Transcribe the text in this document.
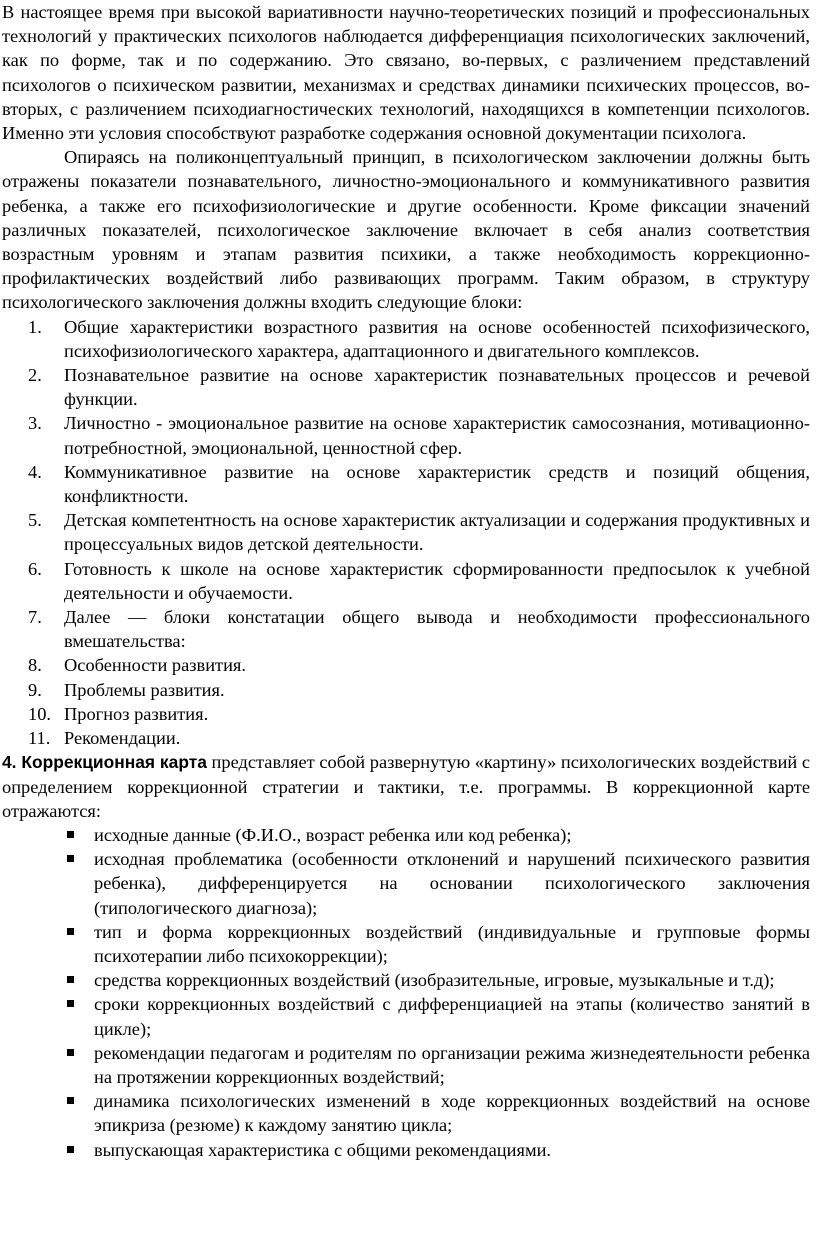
В настоящее время при высокой вариативности научно-теоретических позиций и профессиональных технологий у практических психологов наблюдается дифференциация психологических заключений, как по форме, так и по содержанию. Это связано, во-первых, с различением представлений психологов о психическом развитии, механизмах и средствах динамики психических процессов, во-вторых, с различением психодиагностических технологий, находящихся в компетенции психологов. Именно эти условия способствуют разработке содержания основной документации психолога.

Опираясь на поликонцептуальный принцип, в психологическом заключении должны быть отражены показатели познавательного, личностно-эмоционального и коммуникативного развития ребенка, а также его психофизиологические и другие особенности. Кроме фиксации значений различных показателей, психологическое заключение включает в себя анализ соответствия возрастным уровням и этапам развития психики, а также необходимость коррекционно-профилактических воздействий либо развивающих программ. Таким образом, в структуру психологического заключения должны входить следующие блоки:

1.	Общие характеристики возрастного развития на основе особенностей психофизического, психофизиологического характера, адаптационного и двигательного комплексов.
2.	Познавательное развитие на основе характеристик познавательных процессов и речевой функции.
3.	Личностно - эмоциональное развитие на основе характеристик самосознания, мотивационно-потребностной, эмоциональной, ценностной сфер.
4.	Коммуникативное развитие на основе характеристик средств и позиций общения, конфликтности.
5.	Детская компетентность на основе характеристик актуализации и содержания продуктивных и процессуальных видов детской деятельности.
6.	Готовность к школе на основе характеристик сформированности предпосылок к учебной деятельности и обучаемости.
7.	Далее — блоки констатации общего вывода и необходимости профессионального вмешательства:
8.	Особенности развития.
9.	Проблемы развития.
10. Прогноз развития.
11. Рекомендации.

4. Коррекционная карта представляет собой развернутую «картину» психологических воздействий с определением коррекционной стратегии и тактики, т.е. программы. В коррекционной карте отражаются:

исходные данные (Ф.И.О., возраст ребенка или код ребенка);
исходная проблематика (особенности отклонений и нарушений психического развития ребенка), дифференцируется на основании психологического заключения (типологического диагноза);
тип и форма коррекционных воздействий (индивидуальные и групповые формы психотерапии либо психокоррекции);
средства коррекционных воздействий (изобразительные, игровые, музыкальные и т.д);
сроки коррекционных воздействий с дифференциацией на этапы (количество занятий в цикле);
рекомендации педагогам и родителям по организации режима жизнедеятельности ребенка на протяжении коррекционных воздействий;
динамика психологических изменений в ходе коррекционных воздействий на основе эпикриза (резюме) к каждому занятию цикла;
выпускающая характеристика с общими рекомендациями.
